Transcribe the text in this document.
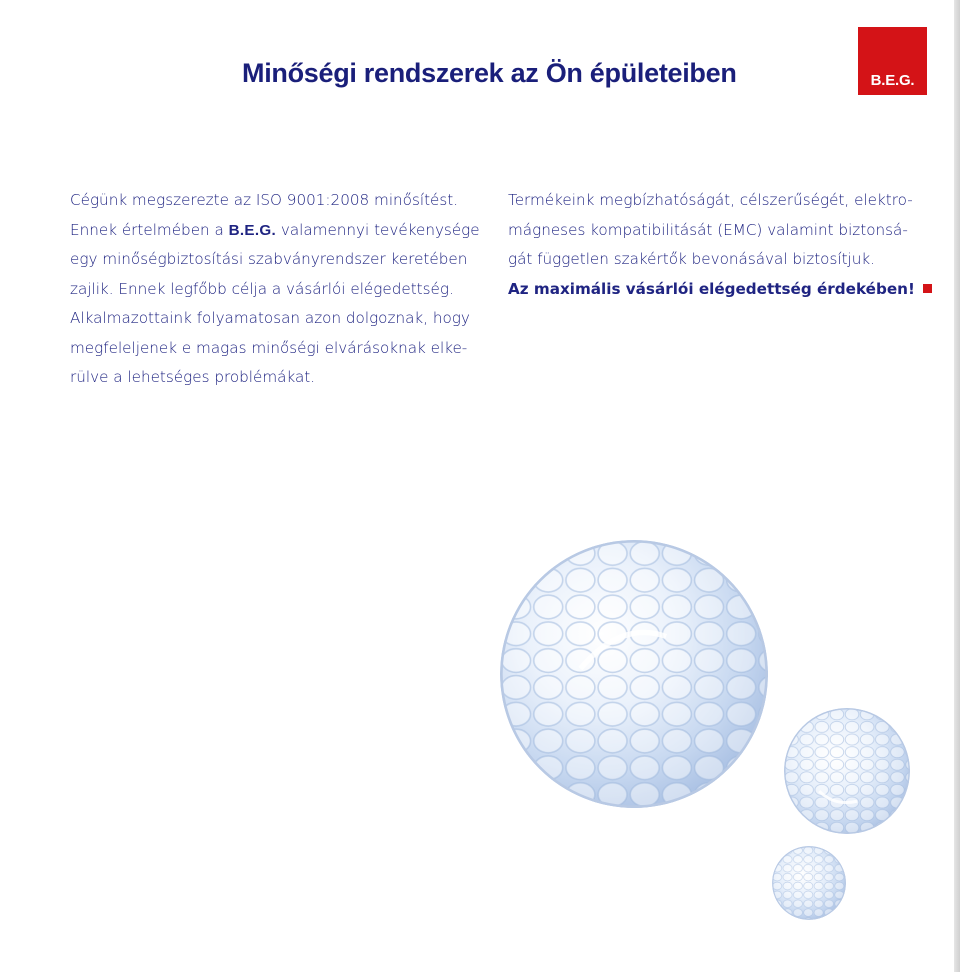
Minőségi rendszerek az Ön épületeiben	B.E.G.
Cégünk megszerezte az ISO 9001:2008 minősítést.
Ennek értelmében a B.E.G. valamennyi tevékenysége
egy minőségbiztosítási szabványrendszer keretében
zajlik. Ennek legfőbb célja a vásárlói elégedettség.
Alkalmazottaink folyamatosan azon dolgoznak, hogy
megfeleljenek e magas minőségi elvárásoknak elke-
rülve a lehetséges problémákat.
Termékeink megbízhatóságát, célszerűségét, elektro-
mágneses kompatibilitását (EMC) valamint biztonsá-
gát független szakértők bevonásával biztosítjuk.
Az maximális vásárlói elégedettség érdekében!
